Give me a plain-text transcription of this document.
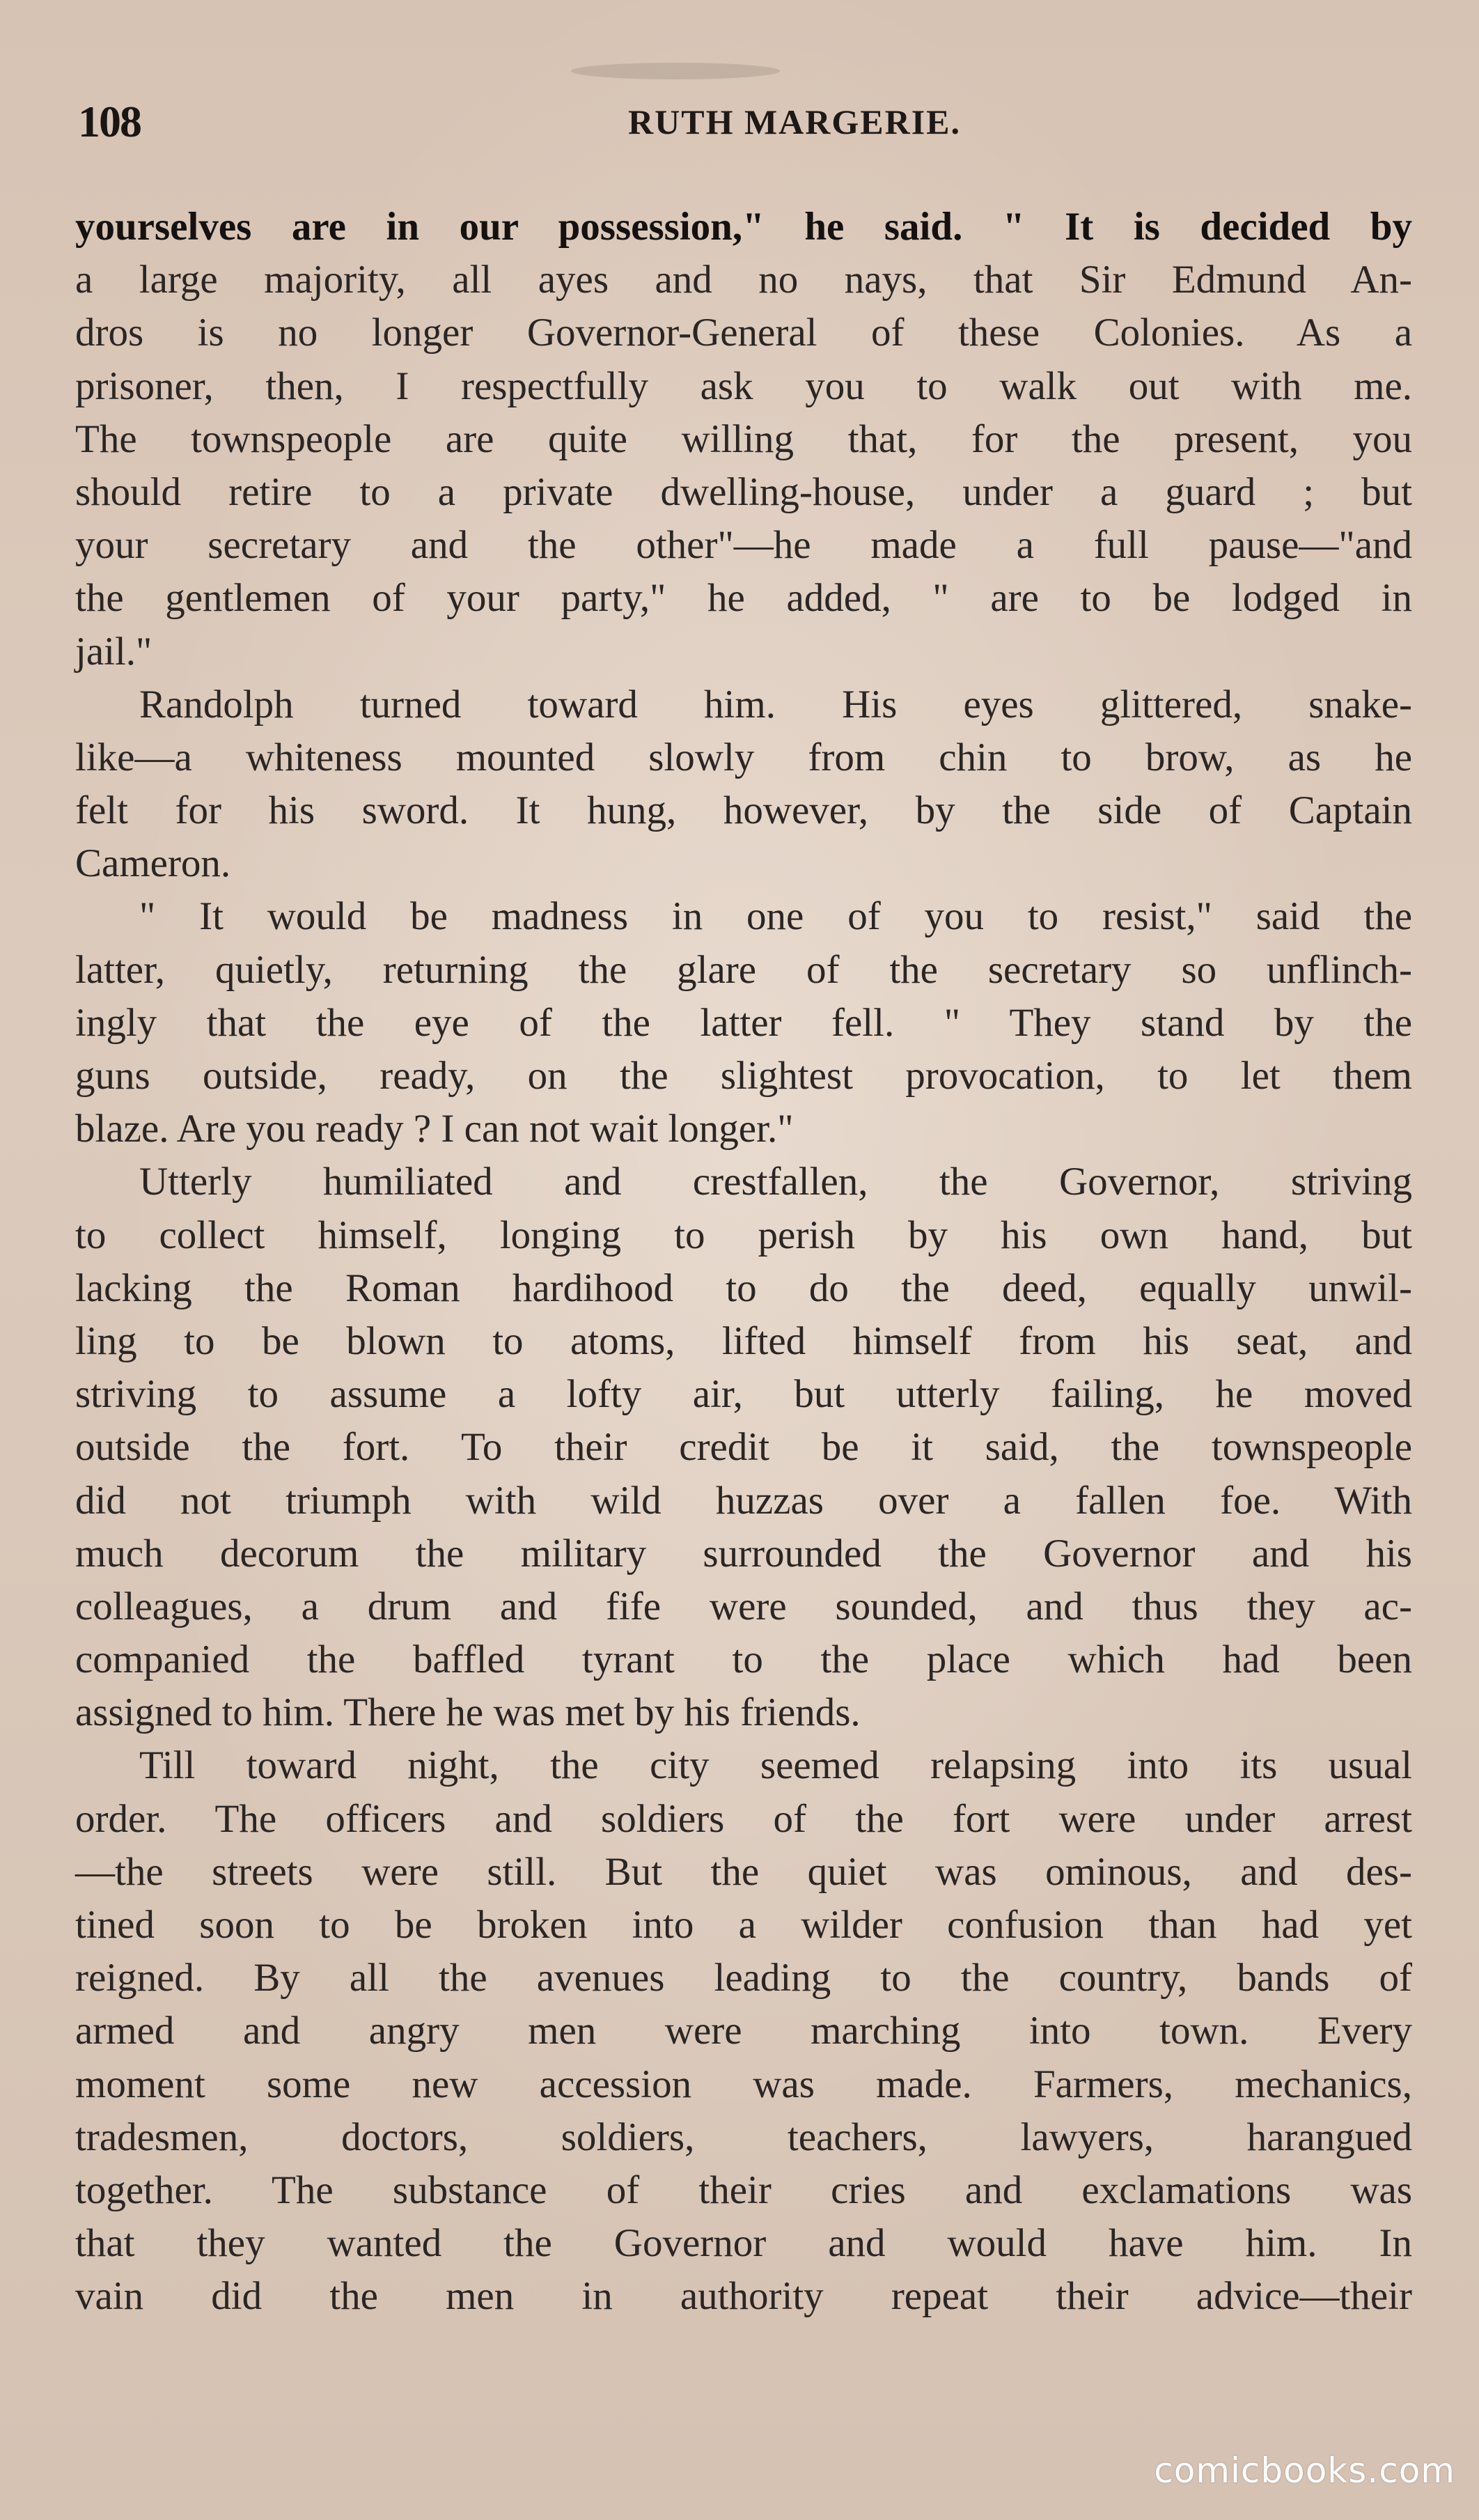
108	RUTH MARGERIE.
yourselves are in our possession," he said. " It is decided by
a large majority, all ayes and no nays, that Sir Edmund An-
dros is no longer Governor-General of these Colonies. As a
prisoner, then, I respectfully ask you to walk out with me.
The townspeople are quite willing that, for the present, you
should retire to a private dwelling-house, under a guard ; but
your secretary and the other"—he made a full pause—"and
the gentlemen of your party," he added, " are to be lodged in
jail."
Randolph turned toward him. His eyes glittered, snake-
like—a whiteness mounted slowly from chin to brow, as he
felt for his sword. It hung, however, by the side of Captain
Cameron.
" It would be madness in one of you to resist," said the
latter, quietly, returning the glare of the secretary so unflinch-
ingly that the eye of the latter fell. " They stand by the
guns outside, ready, on the slightest provocation, to let them
blaze. Are you ready ? I can not wait longer."
Utterly humiliated and crestfallen, the Governor, striving
to collect himself, longing to perish by his own hand, but
lacking the Roman hardihood to do the deed, equally unwil-
ling to be blown to atoms, lifted himself from his seat, and
striving to assume a lofty air, but utterly failing, he moved
outside the fort. To their credit be it said, the townspeople
did not triumph with wild huzzas over a fallen foe. With
much decorum the military surrounded the Governor and his
colleagues, a drum and fife were sounded, and thus they ac-
companied the baffled tyrant to the place which had been
assigned to him. There he was met by his friends.
Till toward night, the city seemed relapsing into its usual
order. The officers and soldiers of the fort were under arrest
—the streets were still. But the quiet was ominous, and des-
tined soon to be broken into a wilder confusion than had yet
reigned. By all the avenues leading to the country, bands of
armed and angry men were marching into town. Every
moment some new accession was made. Farmers, mechanics,
tradesmen, doctors, soldiers, teachers, lawyers, harangued
together. The substance of their cries and exclamations was
that they wanted the Governor and would have him. In
vain did the men in authority repeat their advice—their
comicbooks.com
